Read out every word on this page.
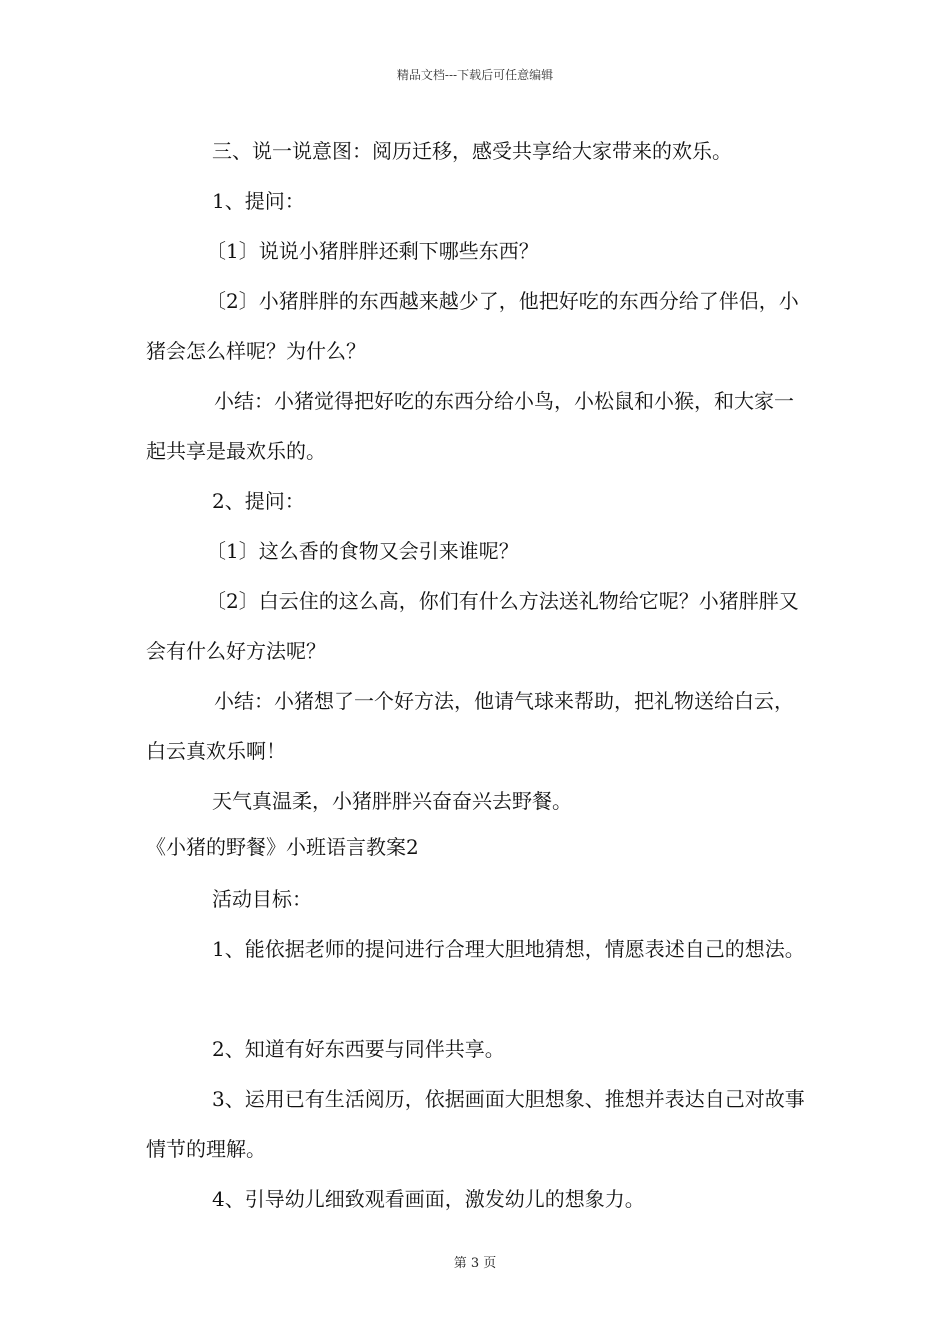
精品文档---下载后可任意编辑

三、说一说意图：阅历迁移，感受共享给大家带来的欢乐。

1、提问：

〔1〕说说小猪胖胖还剩下哪些东西？

〔2〕小猪胖胖的东西越来越少了，他把好吃的东西分给了伴侣，小猪会怎么样呢？为什么？

小结：小猪觉得把好吃的东西分给小鸟，小松鼠和小猴，和大家一起共享是最欢乐的。

2、提问：

〔1〕这么香的食物又会引来谁呢？

〔2〕白云住的这么高，你们有什么方法送礼物给它呢？小猪胖胖又会有什么好方法呢？

小结：小猪想了一个好方法，他请气球来帮助，把礼物送给白云，白云真欢乐啊！

天气真温柔，小猪胖胖兴奋奋兴去野餐。

《小猪的野餐》小班语言教案2

活动目标：

1、能依据老师的提问进行合理大胆地猜想，情愿表述自己的想法。

2、知道有好东西要与同伴共享。

3、运用已有生活阅历，依据画面大胆想象、推想并表达自己对故事情节的理解。

4、引导幼儿细致观看画面，激发幼儿的想象力。

第 3 页
